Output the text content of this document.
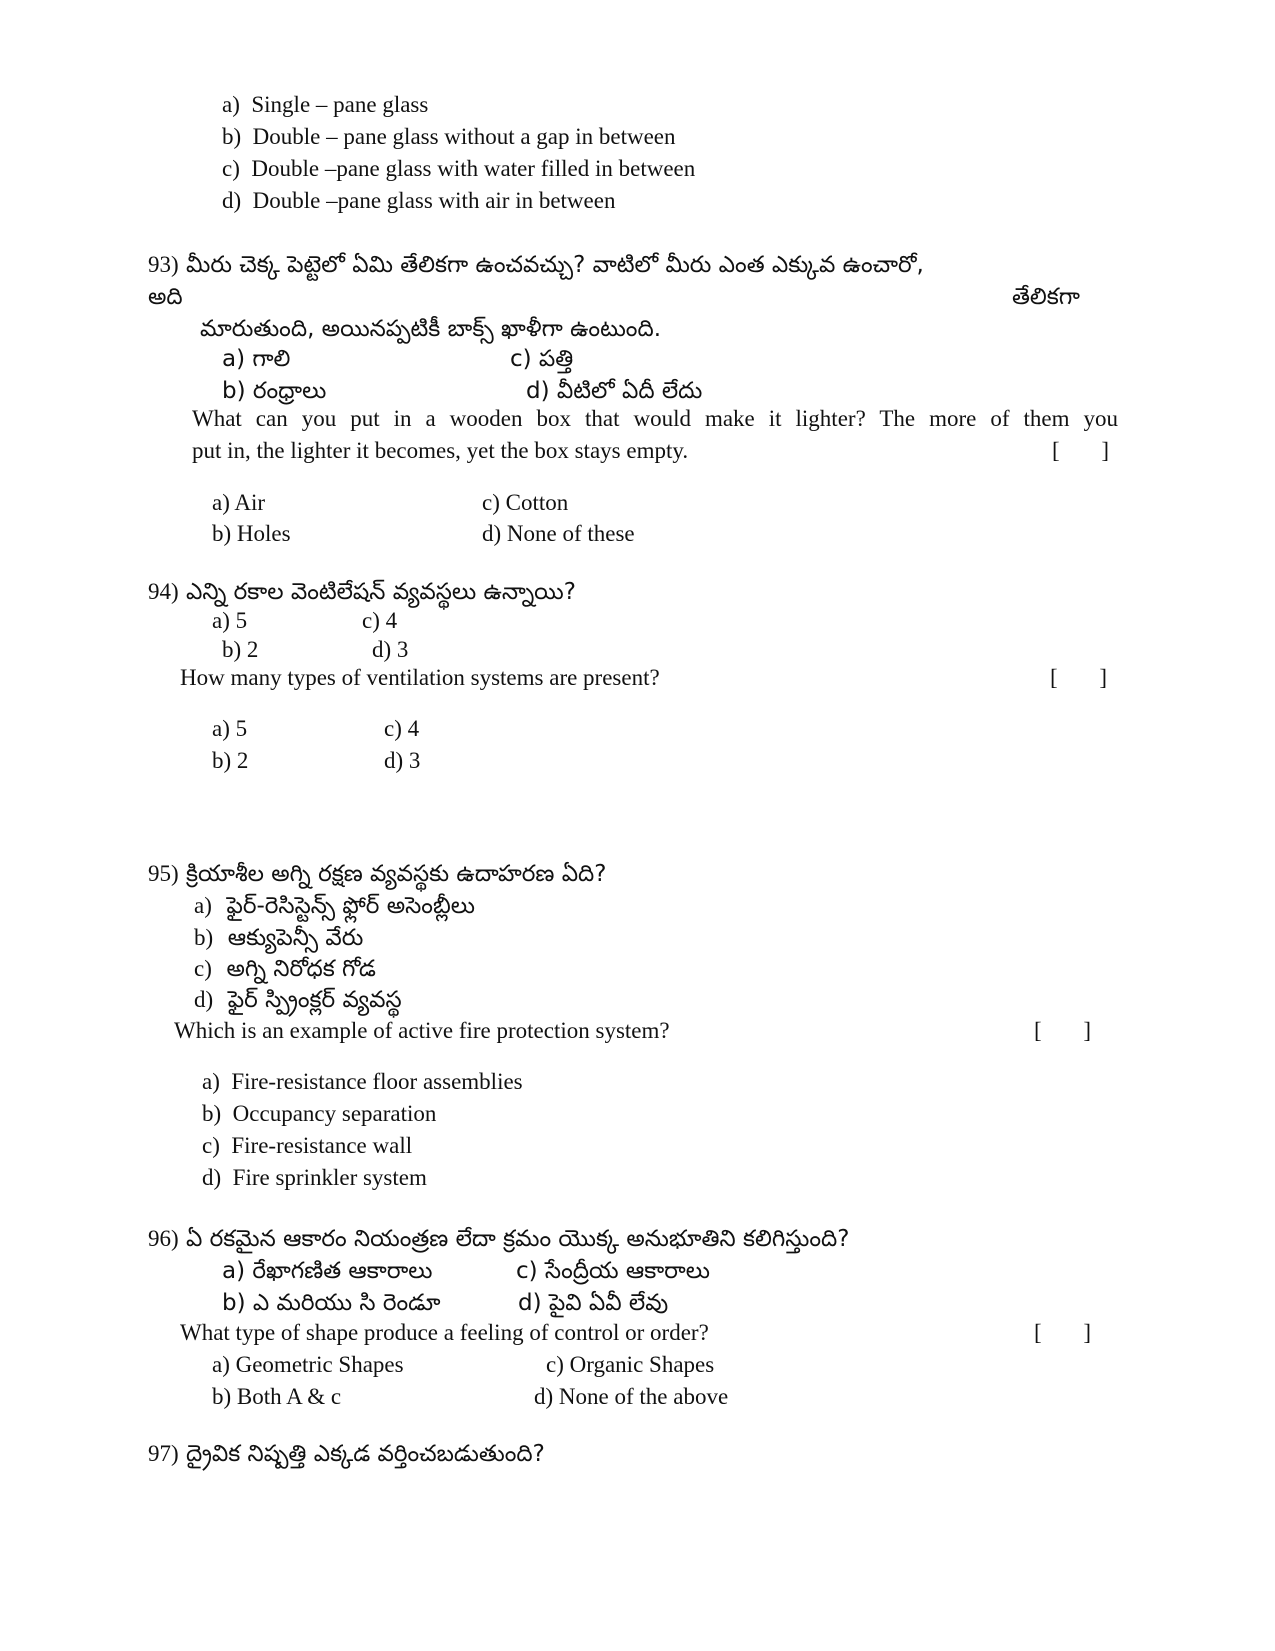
a) Single – pane glass
b) Double – pane glass without a gap in between
c) Double –pane glass with water filled in between
d) Double –pane glass with air in between
93) మీరు చెక్క పెట్టెలో ఏమి తేలికగా ఉంచవచ్చు? వాటిలో మీరు ఎంత ఎక్కువ ఉంచారో,
అది	తేలికగా
మారుతుంది, అయినప్పటికీ బాక్స్ ఖాళీగా ఉంటుంది.
a) గాలి	c) పత్తి
b) రంధ్రాలు	d) వీటిలో ఏదీ లేదు
What can you put in a wooden box that would make it lighter? The more of them you
put in, the lighter it becomes, yet the box stays empty.	[ ]
a) Air	c) Cotton
b) Holes	d) None of these
94) ఎన్ని రకాల వెంటిలేషన్ వ్యవస్థలు ఉన్నాయి?
a) 5	c) 4
b) 2	d) 3
How many types of ventilation systems are present?	[ ]
a) 5	c) 4
b) 2	d) 3
95) క్రియాశీల అగ్ని రక్షణ వ్యవస్థకు ఉదాహరణ ఏది?
a) ఫైర్-రెసిస్టెన్స్ ఫ్లోర్ అసెంబ్లీలు
b) ఆక్యుపెన్సీ వేరు
c) అగ్ని నిరోధక గోడ
d) ఫైర్ స్ప్రింక్లర్ వ్యవస్థ
Which is an example of active fire protection system?	[ ]
a) Fire-resistance floor assemblies
b) Occupancy separation
c) Fire-resistance wall
d) Fire sprinkler system
96) ఏ రకమైన ఆకారం నియంత్రణ లేదా క్రమం యొక్క అనుభూతిని కలిగిస్తుంది?
a) రేఖాగణిత ఆకారాలు	c) సేంద్రీయ ఆకారాలు
b) ఎ మరియు సి రెండూ	d) పైవి ఏవీ లేవు
What type of shape produce a feeling of control or order?	[ ]
a) Geometric Shapes	c) Organic Shapes
b) Both A & c	d) None of the above
97) ద్రైవిక నిష్పత్తి ఎక్కడ వర్తించబడుతుంది?
